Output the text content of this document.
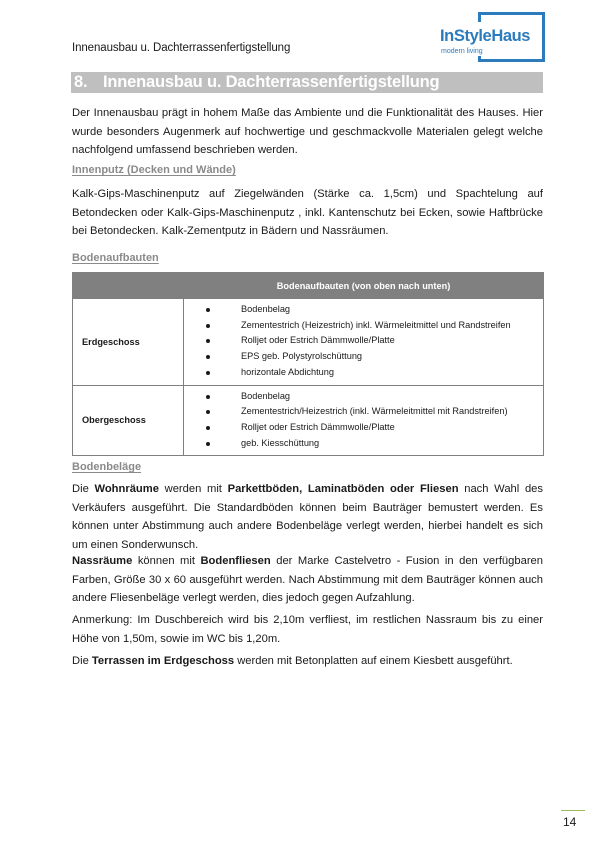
Innenausbau u. Dachterrassenfertigstellung
InStyleHaus
modern living
8. Innenausbau u. Dachterrassenfertigstellung
Der Innenausbau prägt in hohem Maße das Ambiente und die Funktionalität des Hauses. Hier wurde besonders Augenmerk auf hochwertige und geschmackvolle Materialen gelegt welche nachfolgend umfassend beschrieben werden.
Innenputz (Decken und Wände)
Kalk-Gips-Maschinenputz auf Ziegelwänden (Stärke ca. 1,5cm) und Spachtelung auf Betondecken oder Kalk-Gips-Maschinenputz , inkl. Kantenschutz bei Ecken, sowie Haftbrücke bei Betondecken. Kalk-Zementputz in Bädern und Nassräumen.
Bodenaufbauten
	Bodenaufbauten (von oben nach unten)
Erdgeschoss	
Bodenbelag
Zementestrich (Heizestrich) inkl. Wärmeleitmittel und Randstreifen
Rolljet oder Estrich Dämmwolle/Platte
EPS geb. Polystyrolschüttung
horizontale Abdichtung

Obergeschoss	
Bodenbelag
Zementestrich/Heizestrich (inkl. Wärmeleitmittel mit Randstreifen)
Rolljet oder Estrich Dämmwolle/Platte
geb. Kiesschüttung
Bodenbeläge
Die Wohnräume werden mit Parkettböden, Laminatböden oder Fliesen nach Wahl des Verkäufers ausgeführt. Die Standardböden können beim Bauträger bemustert werden. Es können unter Abstimmung auch andere Bodenbeläge verlegt werden, hierbei handelt es sich um einen Sonderwunsch.
Nassräume können mit Bodenfliesen der Marke Castelvetro - Fusion in den verfügbaren Farben, Größe 30 x 60 ausgeführt werden. Nach Abstimmung mit dem Bauträger können auch andere Fliesenbeläge verlegt werden, dies jedoch gegen Aufzahlung.
Anmerkung: Im Duschbereich wird bis 2,10m verfliest, im restlichen Nassraum bis zu einer Höhe von 1,50m, sowie im WC bis 1,20m.
Die Terrassen im Erdgeschoss werden mit Betonplatten auf einem Kiesbett ausgeführt.
14
